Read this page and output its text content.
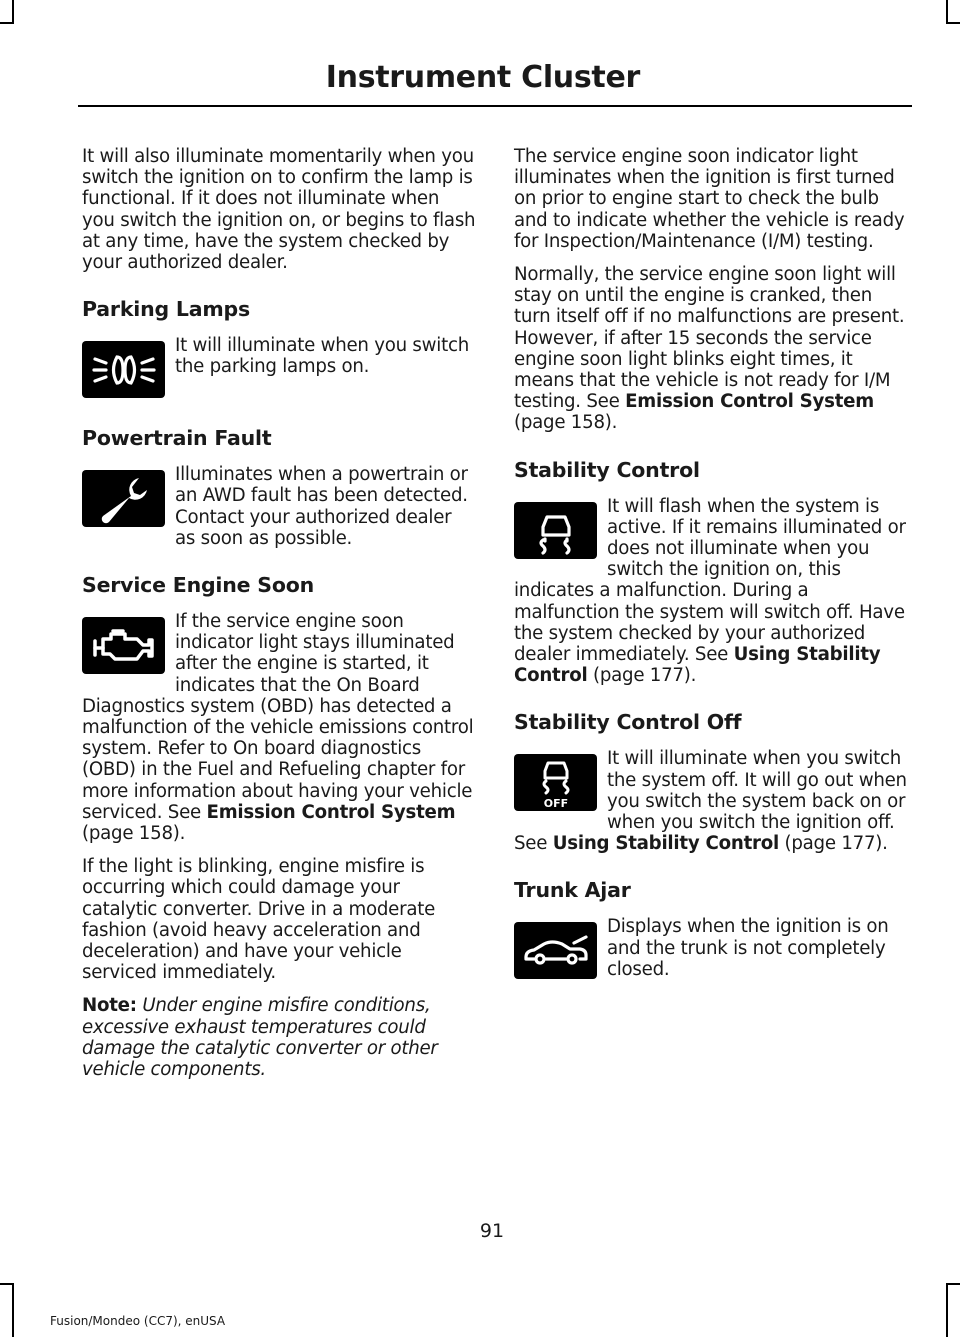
Instrument Cluster

It will also illuminate momentarily when you switch the ignition on to confirm the lamp is functional. If it does not illuminate when you switch the ignition on, or begins to flash at any time, have the system checked by your authorized dealer.

Parking Lamps

It will illuminate when you switch the parking lamps on.

Powertrain Fault

Illuminates when a powertrain or an AWD fault has been detected. Contact your authorized dealer as soon as possible.

Service Engine Soon

If the service engine soon indicator light stays illuminated after the engine is started, it indicates that the On Board Diagnostics system (OBD) has detected a malfunction of the vehicle emissions control system. Refer to On board diagnostics (OBD) in the Fuel and Refueling chapter for more information about having your vehicle serviced. See Emission Control System (page 158).

If the light is blinking, engine misfire is occurring which could damage your catalytic converter. Drive in a moderate fashion (avoid heavy acceleration and deceleration) and have your vehicle serviced immediately.

Note: Under engine misfire conditions, excessive exhaust temperatures could damage the catalytic converter or other vehicle components.

The service engine soon indicator light illuminates when the ignition is first turned on prior to engine start to check the bulb and to indicate whether the vehicle is ready for Inspection/Maintenance (I/M) testing.

Normally, the service engine soon light will stay on until the engine is cranked, then turn itself off if no malfunctions are present. However, if after 15 seconds the service engine soon light blinks eight times, it means that the vehicle is not ready for I/M testing. See Emission Control System (page 158).

Stability Control

It will flash when the system is active. If it remains illuminated or does not illuminate when you switch the ignition on, this indicates a malfunction. During a malfunction the system will switch off. Have the system checked by your authorized dealer immediately. See Using Stability Control (page 177).

Stability Control Off
OFF

It will illuminate when you switch the system off. It will go out when you switch the system back on or when you switch the ignition off. See Using Stability Control (page 177).

Trunk Ajar

Displays when the ignition is on and the trunk is not completely closed.

91
Fusion/Mondeo (CC7), enUSA
